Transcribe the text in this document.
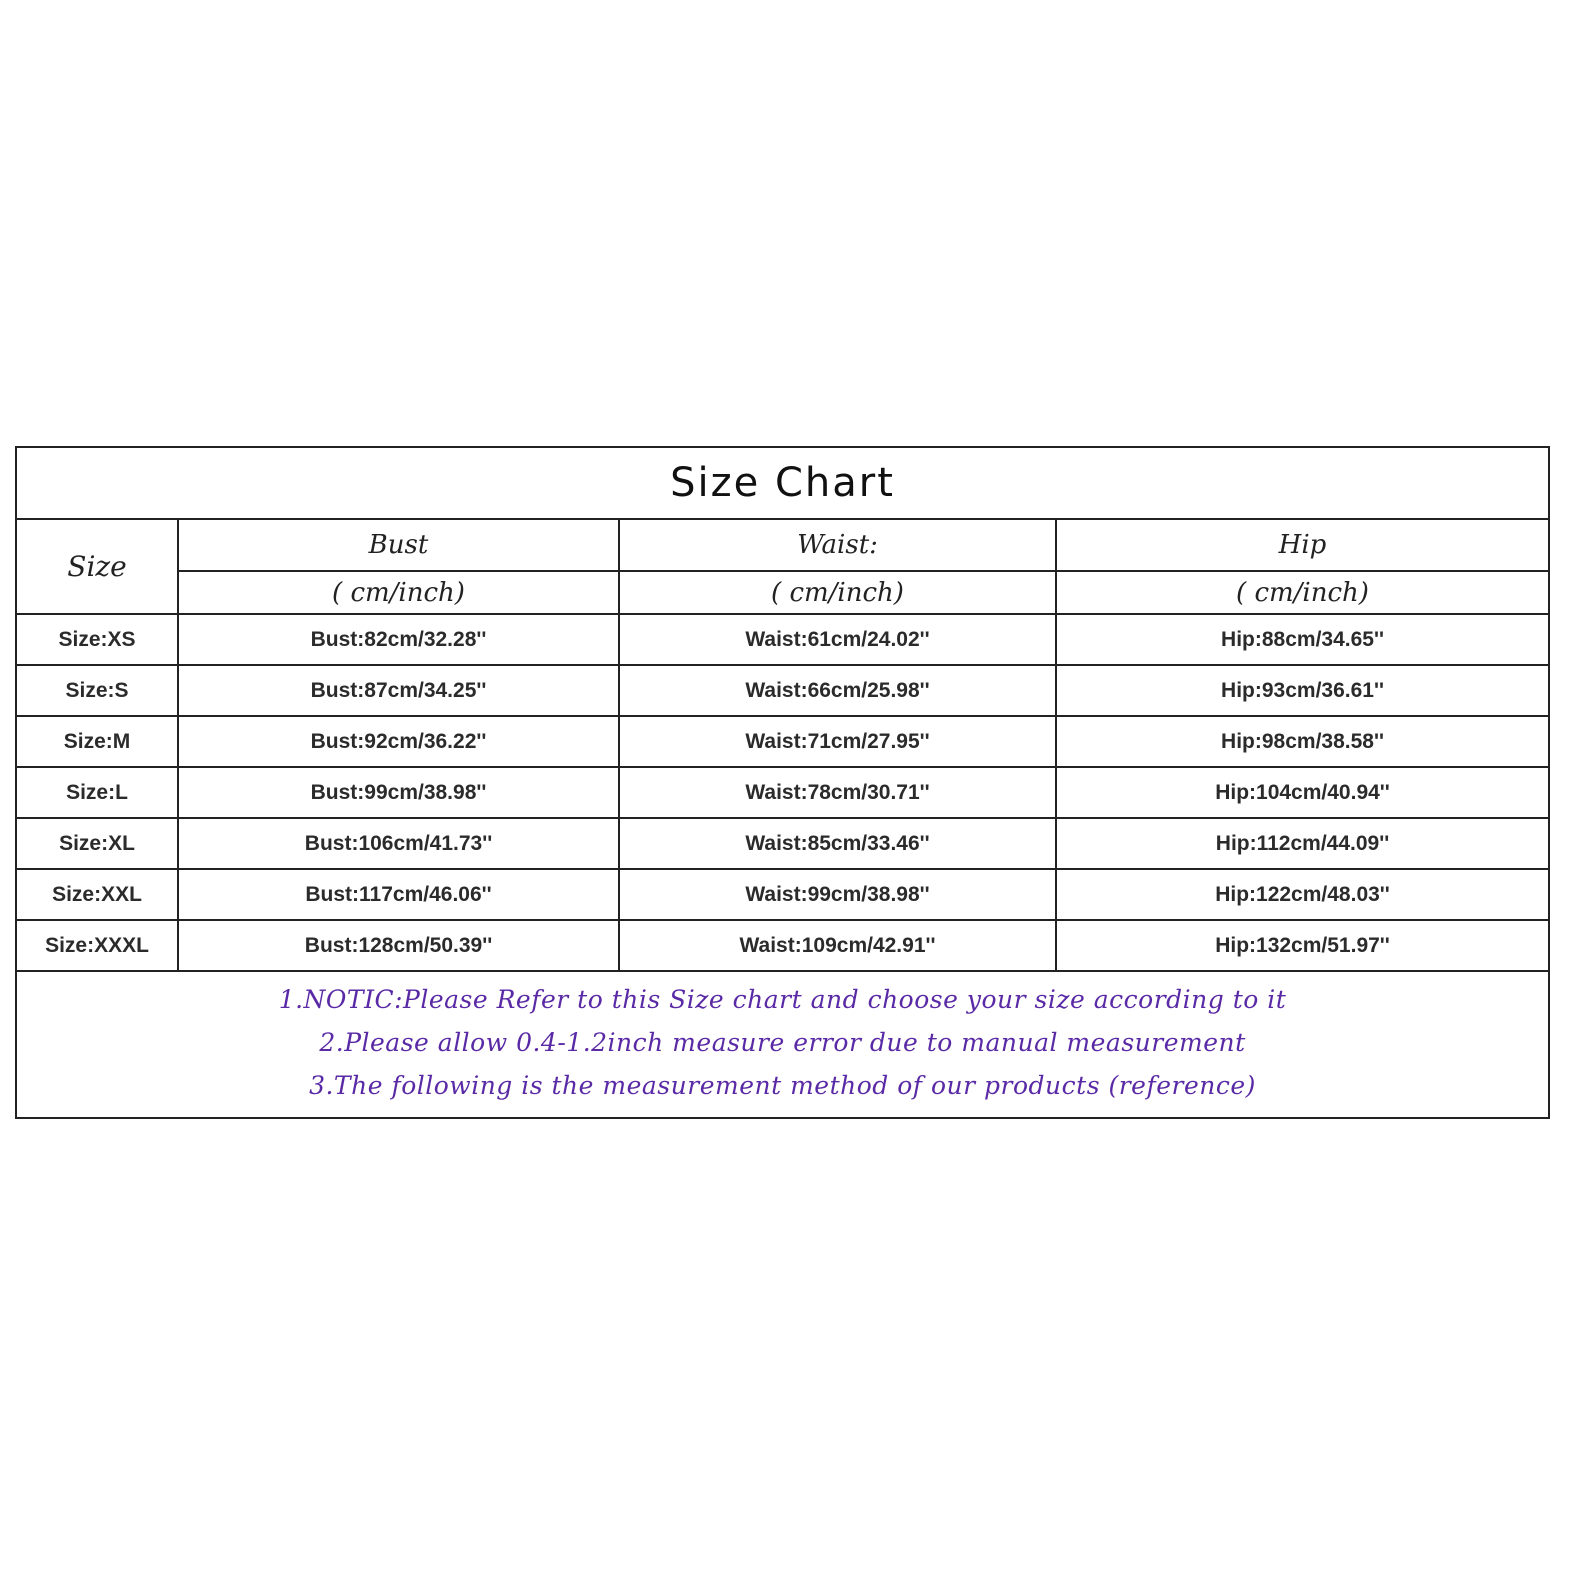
Size Chart			
Size	Bust	Waist:	Hip
	( cm/inch)	( cm/inch)	( cm/inch)
Size:XS	Bust:82cm/32.28''	Waist:61cm/24.02''	Hip:88cm/34.65''
Size:S	Bust:87cm/34.25''	Waist:66cm/25.98''	Hip:93cm/36.61''
Size:M	Bust:92cm/36.22''	Waist:71cm/27.95''	Hip:98cm/38.58''
Size:L	Bust:99cm/38.98''	Waist:78cm/30.71''	Hip:104cm/40.94''
Size:XL	Bust:106cm/41.73''	Waist:85cm/33.46''	Hip:112cm/44.09''
Size:XXL	Bust:117cm/46.06''	Waist:99cm/38.98''	Hip:122cm/48.03''
Size:XXXL	Bust:128cm/50.39''	Waist:109cm/42.91''	Hip:132cm/51.97''
1.NOTIC:Please Refer to this Size chart and choose your size according to it
2.Please allow 0.4-1.2inch measure error due to manual measurement
3.The following is the measurement method of our products (reference)
